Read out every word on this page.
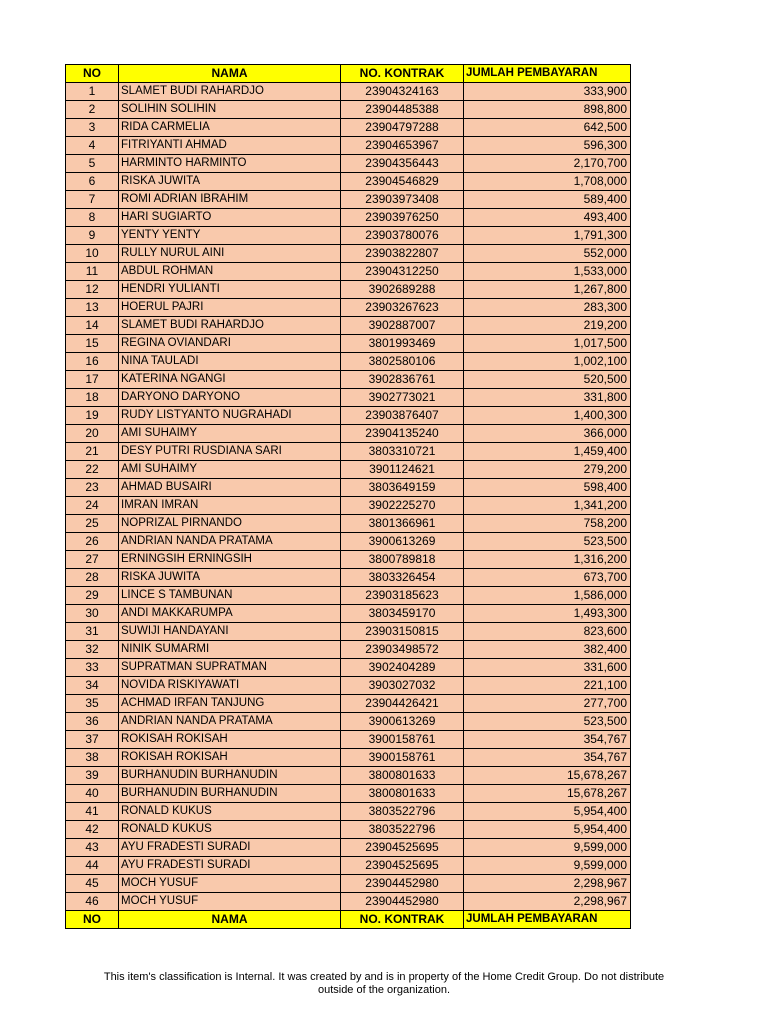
NO	NAMA	NO. KONTRAK	JUMLAH PEMBAYARAN
1	SLAMET BUDI RAHARDJO	23904324163	333,900
2	SOLIHIN SOLIHIN	23904485388	898,800
3	RIDA CARMELIA	23904797288	642,500
4	FITRIYANTI AHMAD	23904653967	596,300
5	HARMINTO HARMINTO	23904356443	2,170,700
6	RISKA JUWITA	23904546829	1,708,000
7	ROMI ADRIAN IBRAHIM	23903973408	589,400
8	HARI SUGIARTO	23903976250	493,400
9	YENTY YENTY	23903780076	1,791,300
10	RULLY NURUL AINI	23903822807	552,000
11	ABDUL ROHMAN	23904312250	1,533,000
12	HENDRI YULIANTI	3902689288	1,267,800
13	HOERUL PAJRI	23903267623	283,300
14	SLAMET BUDI RAHARDJO	3902887007	219,200
15	REGINA OVIANDARI	3801993469	1,017,500
16	NINA TAULADI	3802580106	1,002,100
17	KATERINA NGANGI	3902836761	520,500
18	DARYONO DARYONO	3902773021	331,800
19	RUDY LISTYANTO NUGRAHADI	23903876407	1,400,300
20	AMI SUHAIMY	23904135240	366,000
21	DESY PUTRI RUSDIANA SARI	3803310721	1,459,400
22	AMI SUHAIMY	3901124621	279,200
23	AHMAD BUSAIRI	3803649159	598,400
24	IMRAN IMRAN	3902225270	1,341,200
25	NOPRIZAL PIRNANDO	3801366961	758,200
26	ANDRIAN NANDA PRATAMA	3900613269	523,500
27	ERNINGSIH ERNINGSIH	3800789818	1,316,200
28	RISKA JUWITA	3803326454	673,700
29	LINCE S TAMBUNAN	23903185623	1,586,000
30	ANDI MAKKARUMPA	3803459170	1,493,300
31	SUWIJI HANDAYANI	23903150815	823,600
32	NINIK SUMARMI	23903498572	382,400
33	SUPRATMAN SUPRATMAN	3902404289	331,600
34	NOVIDA RISKIYAWATI	3903027032	221,100
35	ACHMAD IRFAN TANJUNG	23904426421	277,700
36	ANDRIAN NANDA PRATAMA	3900613269	523,500
37	ROKISAH ROKISAH	3900158761	354,767
38	ROKISAH ROKISAH	3900158761	354,767
39	BURHANUDIN BURHANUDIN	3800801633	15,678,267
40	BURHANUDIN BURHANUDIN	3800801633	15,678,267
41	RONALD KUKUS	3803522796	5,954,400
42	RONALD KUKUS	3803522796	5,954,400
43	AYU FRADESTI SURADI	23904525695	9,599,000
44	AYU FRADESTI SURADI	23904525695	9,599,000
45	MOCH YUSUF	23904452980	2,298,967
46	MOCH YUSUF	23904452980	2,298,967
NO	NAMA	NO. KONTRAK	JUMLAH PEMBAYARAN
This item's classification is Internal. It was created by and is in property of the Home Credit Group. Do not distribute
outside of the organization.
